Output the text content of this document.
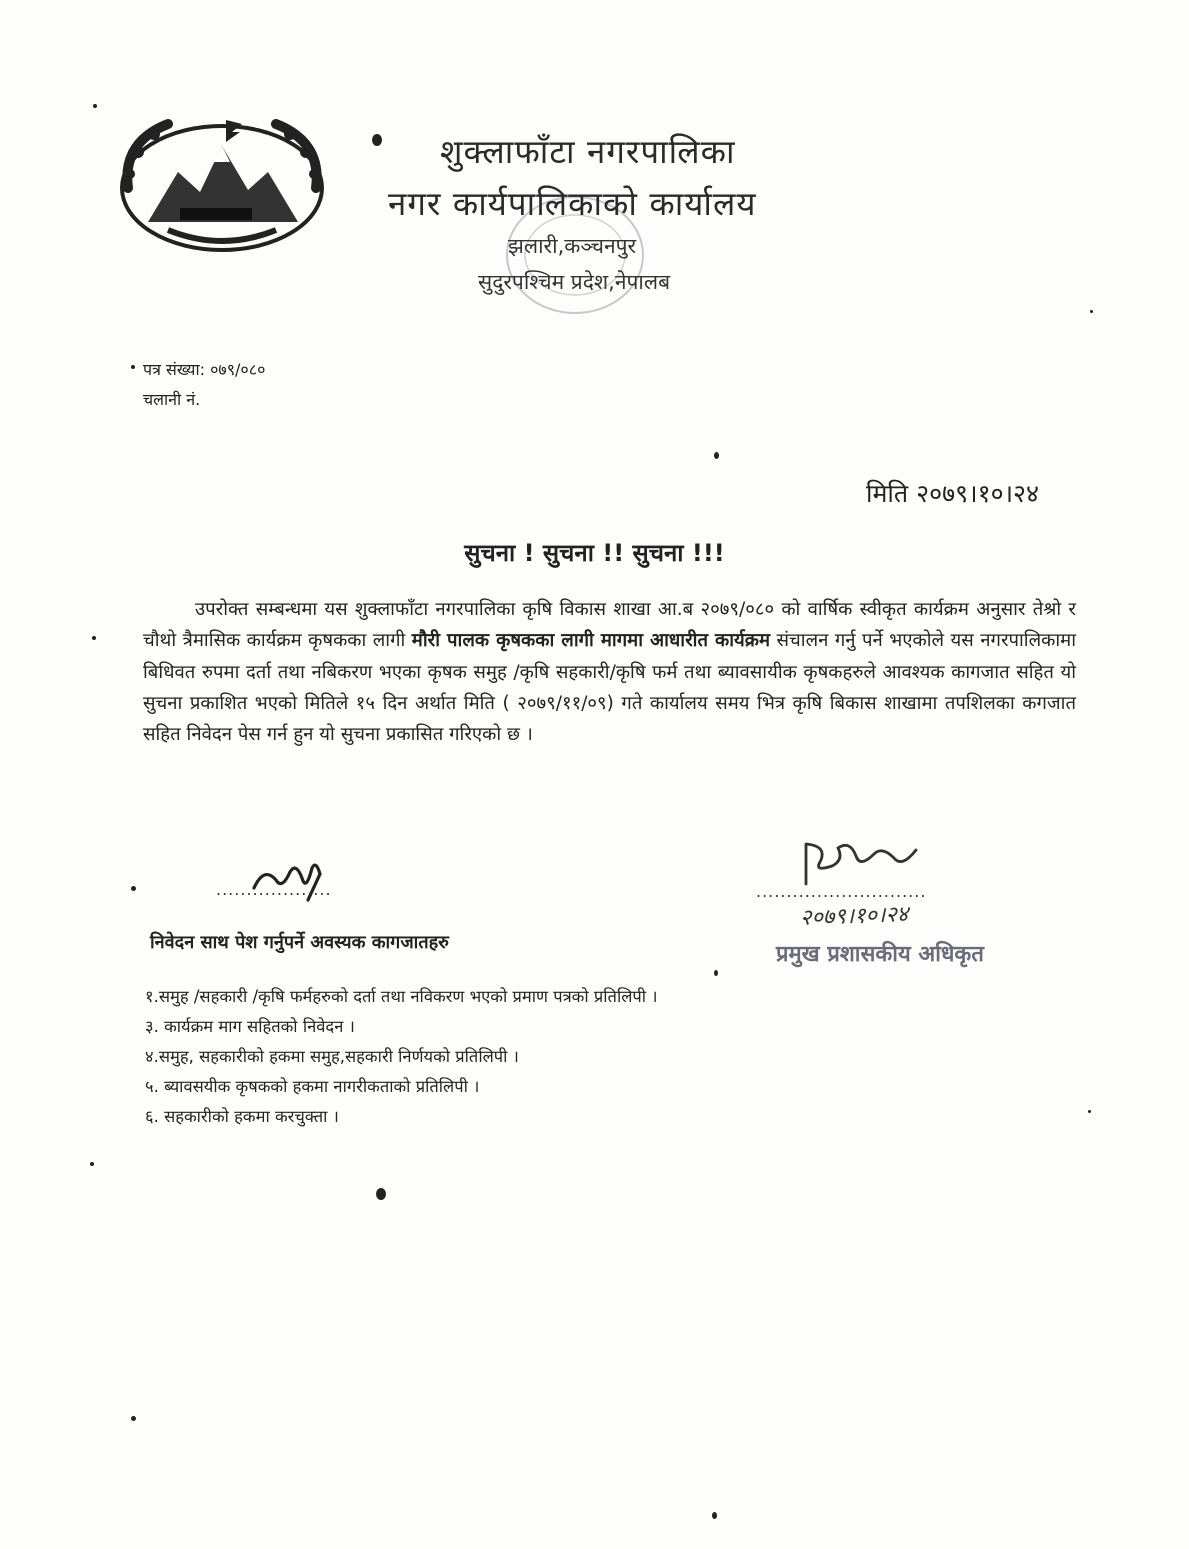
शुक्लाफाँटा नगरपालिका
नगर कार्यपालिकाको कार्यालय
झलारी,कञ्चनपुर
सुदुरपश्चिम प्रदेश,नेपालब
पत्र संख्या: ०७९/०८०
चलानी नं.
मिति २०७९।१०।२४
सुचना ! सुचना !! सुचना !!!
उपरोक्त सम्बन्धमा यस शुक्लाफाँटा नगरपालिका कृषि विकास शाखा आ.ब २०७९/०८० को वार्षिक स्वीकृत कार्यक्रम अनुसार तेश्रो र चौथो त्रैमासिक कार्यक्रम कृषकका लागी मौरी पालक कृषकका लागी मागमा आधारीत कार्यक्रम संचालन गर्नु पर्ने भएकोले यस नगरपालिकामा बिधिवत रुपमा दर्ता तथा नबिकरण भएका कृषक समुह /कृषि सहकारी/कृषि फर्म तथा ब्यावसायीक कृषकहरुले आवश्यक कागजात सहित यो सुचना प्रकाशित भएको मितिले १५ दिन अर्थात मिति ( २०७९/११/०९) गते कार्यालय समय भित्र कृषि बिकास शाखामा तपशिलका कगजात सहित निवेदन पेस गर्न हुन यो सुचना प्रकासित गरिएको छ ।
...................	............................
२०७९।१०।२४
निवेदन साथ पेश गर्नुपर्ने अवस्यक कागजातहरु	प्रमुख प्रशासकीय अधिकृत
१.समुह /सहकारी /कृषि फर्महरुको दर्ता तथा नविकरण भएको प्रमाण पत्रको प्रतिलिपी ।
३. कार्यक्रम माग सहितको निवेदन ।
४.समुह, सहकारीको हकमा समुह,सहकारी निर्णयको प्रतिलिपी ।
५. ब्यावसयीक कृषकको हकमा नागरीकताको प्रतिलिपी ।
६. सहकारीको हकमा करचुक्ता ।
